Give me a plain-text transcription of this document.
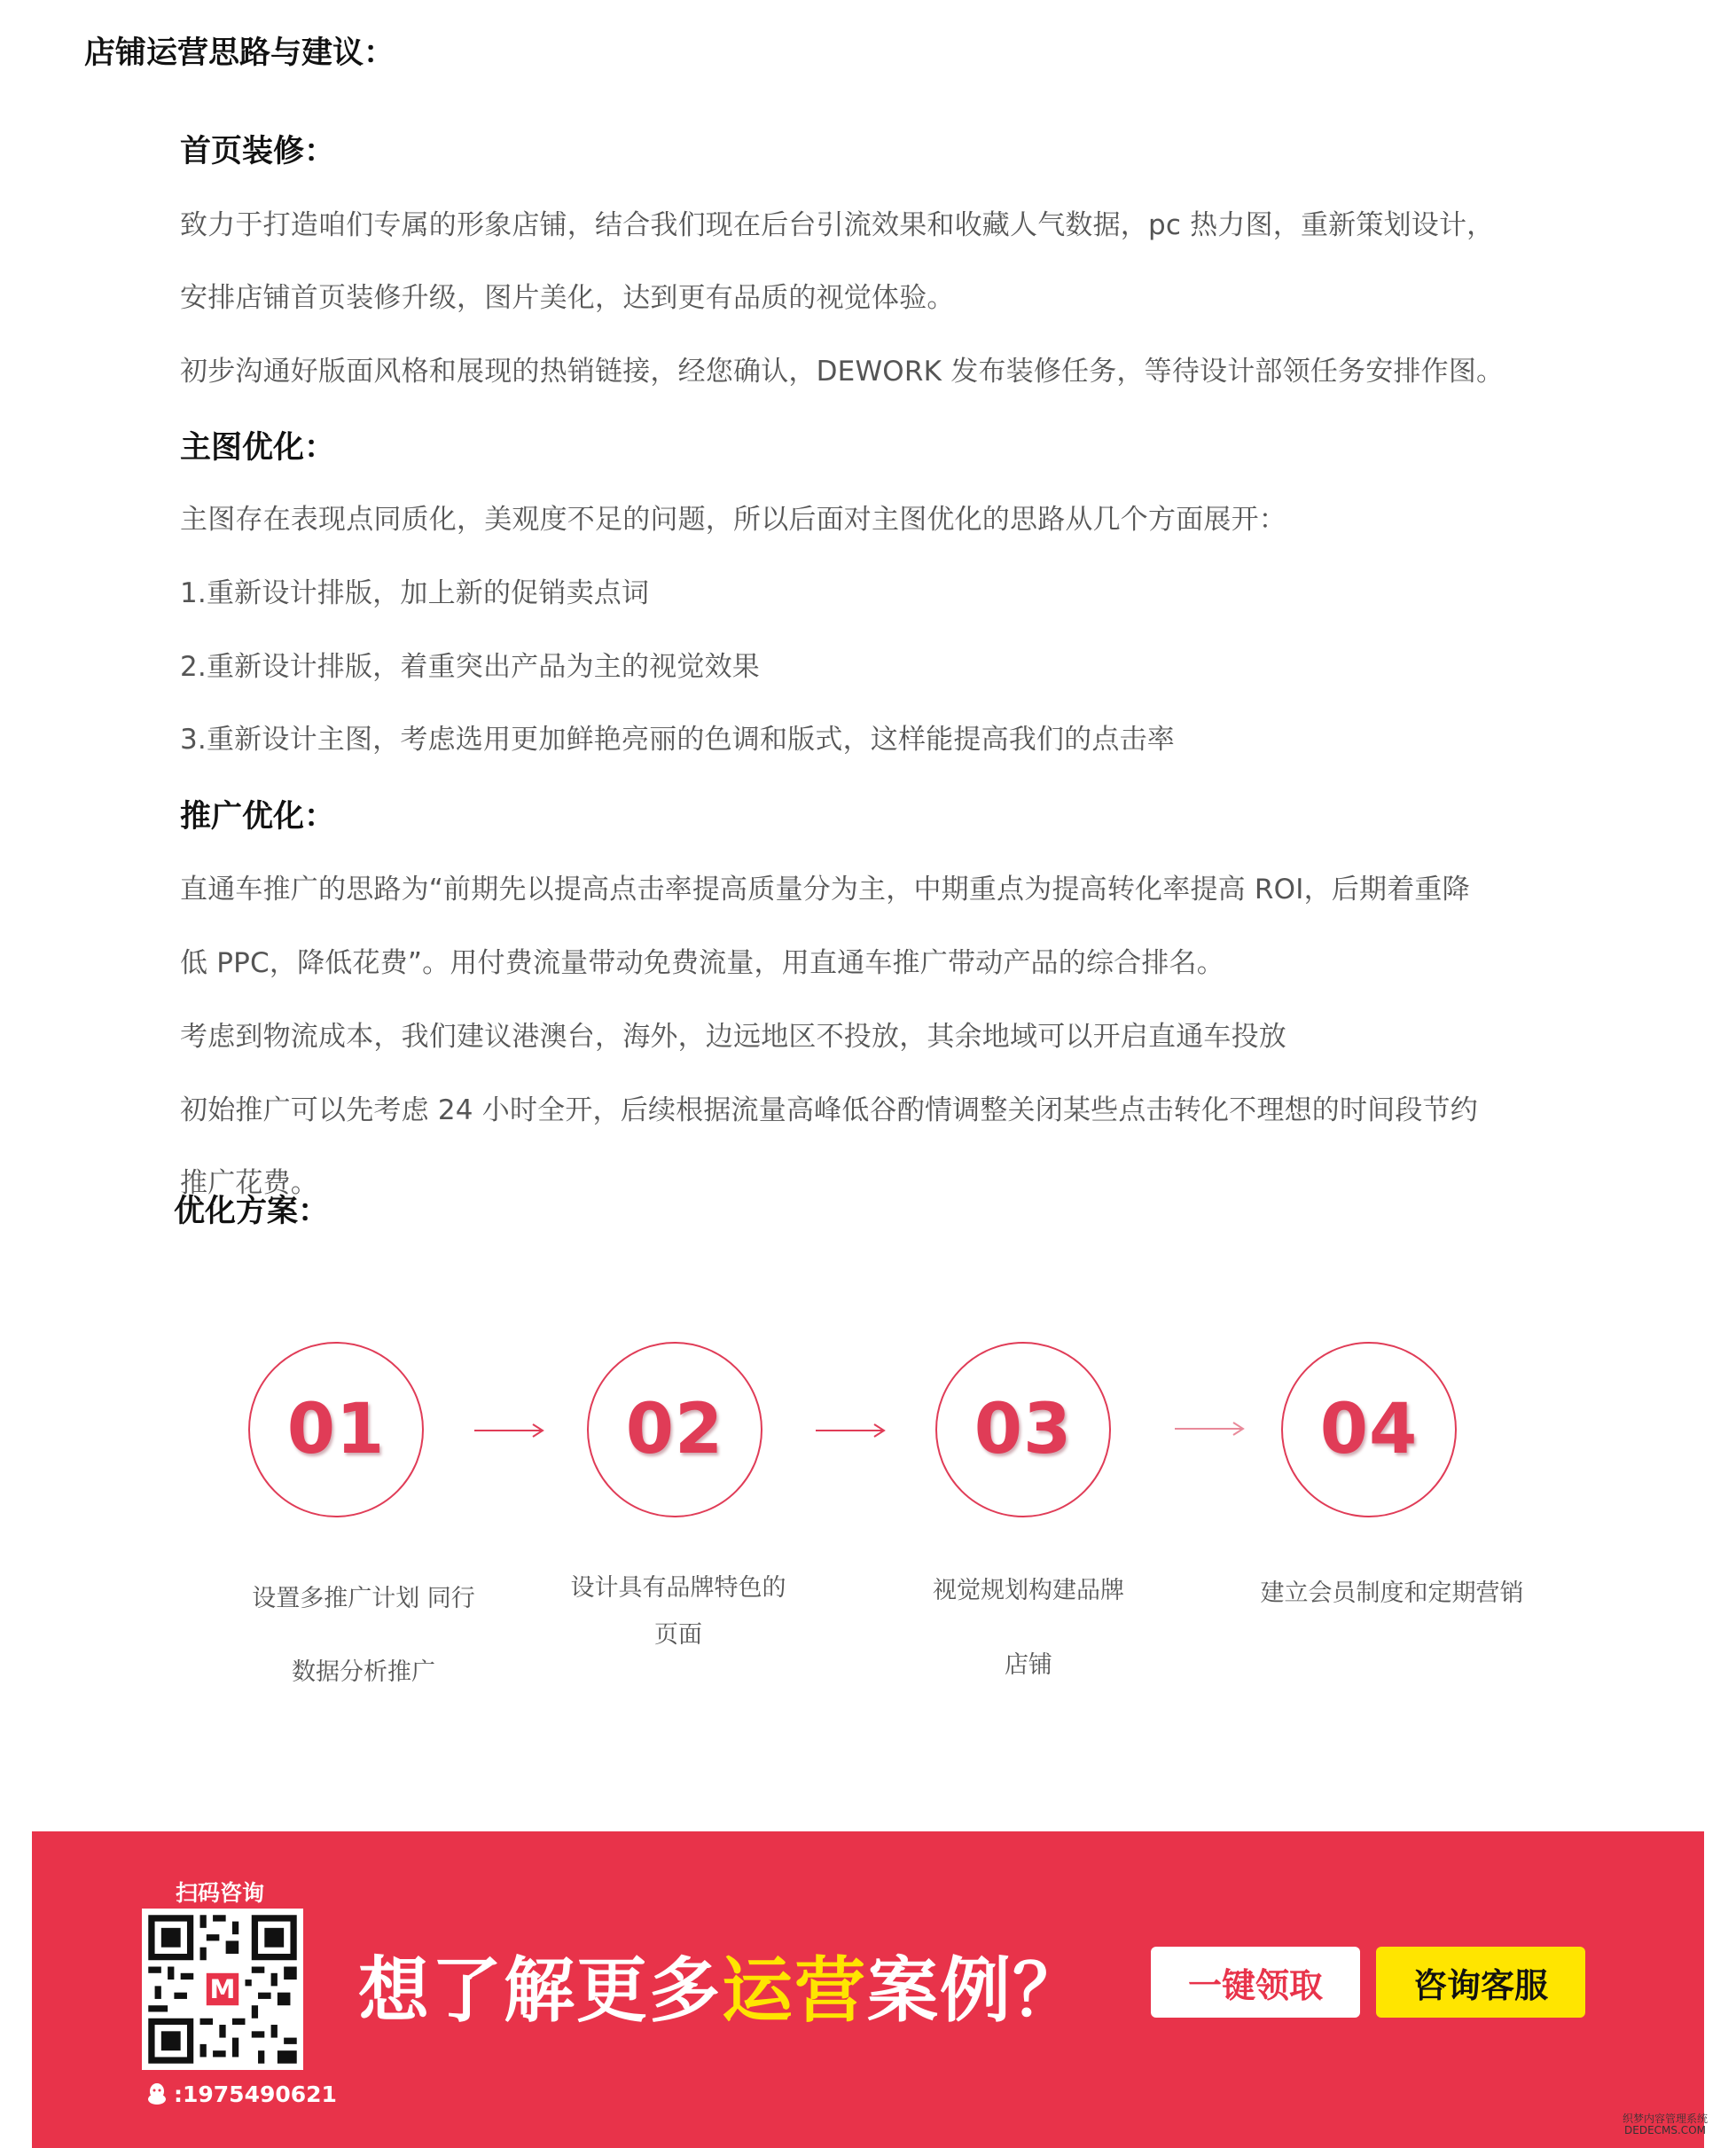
店铺运营思路与建议：
首页装修：
致力于打造咱们专属的形象店铺，结合我们现在后台引流效果和收藏人气数据，pc 热力图，重新策划设计，
安排店铺首页装修升级，图片美化，达到更有品质的视觉体验。
初步沟通好版面风格和展现的热销链接，经您确认，DEWORK 发布装修任务，等待设计部领任务安排作图。
主图优化：
主图存在表现点同质化，美观度不足的问题，所以后面对主图优化的思路从几个方面展开：
1.重新设计排版，加上新的促销卖点词
2.重新设计排版，着重突出产品为主的视觉效果
3.重新设计主图，考虑选用更加鲜艳亮丽的色调和版式，这样能提高我们的点击率
推广优化：
直通车推广的思路为“前期先以提高点击率提高质量分为主，中期重点为提高转化率提高 ROI，后期着重降
低 PPC，降低花费”。用付费流量带动免费流量，用直通车推广带动产品的综合排名。
考虑到物流成本，我们建议港澳台，海外，边远地区不投放，其余地域可以开启直通车投放
初始推广可以先考虑 24 小时全开，后续根据流量高峰低谷酌情调整关闭某些点击转化不理想的时间段节约
推广花费。
优化方案：
01	02	03	04
设置多推广计划 同行
数据分析推广
设计具有品牌特色的
页面
视觉规划构建品牌
店铺
建立会员制度和定期营销
扫码咨询
M
:1975490621
想了解更多运营案例？	一键领取	咨询客服
织梦内容管理系统
DEDECMS.COM
